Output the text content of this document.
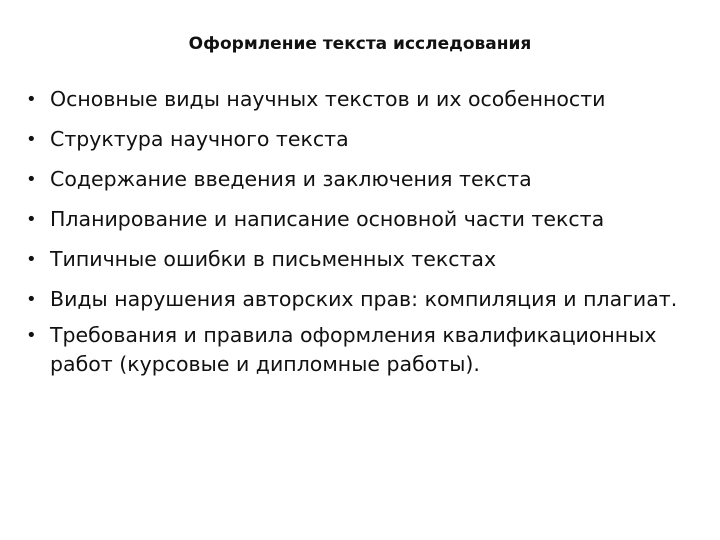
Оформление текста исследования
• Основные виды научных текстов и их особенности
• Структура научного текста
• Содержание введения и заключения текста
• Планирование и написание основной части текста
• Типичные ошибки в письменных текстах
• Виды нарушения авторских прав: компиляция и плагиат.
• Требования и правила оформления квалификационных работ (курсовые и дипломные работы).
